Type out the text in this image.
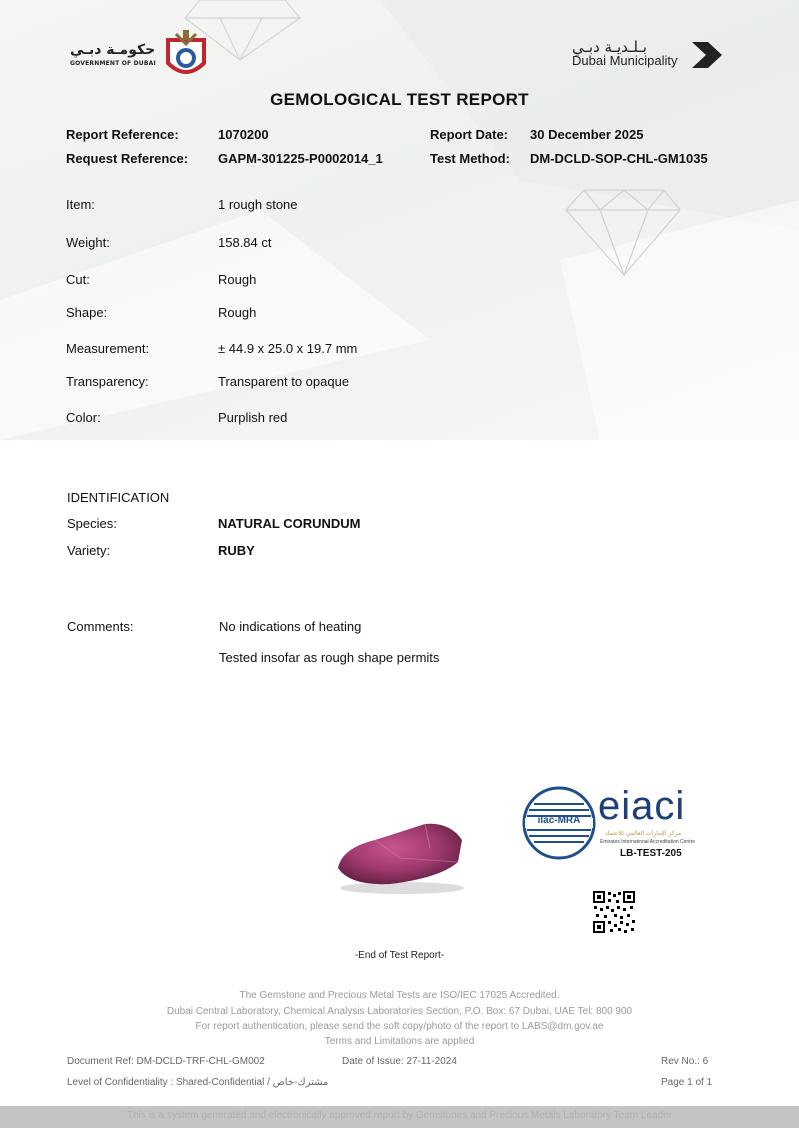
حكومـة دبـي
GOVERNMENT OF DUBAI
بـلـديـة دبـي
Dubai Municipality
GEMOLOGICAL TEST REPORT
Report Reference:	1070200	Report Date: 30 December 2025
Request Reference: GAPM-301225-P0002014_1	Test Method: DM-DCLD-SOP-CHL-GM1035
Item:	1 rough stone
Weight:	158.84 ct
Cut:	Rough
Shape:	Rough
Measurement:	± 44.9 x 25.0 x 19.7 mm
Transparency:	Transparent to opaque
Color:	Purplish red
IDENTIFICATION
Species:	NATURAL CORUNDUM
Variety:	RUBY
Comments:	No indications of heating
Tested insofar as rough shape permits
ilac-MRA eiaci
مركز الإمارات العالمي للاعتماد
Emirates International Accreditation Centre
LB-TEST-205
-End of Test Report-
The Gemstone and Precious Metal Tests are ISO/IEC 17025 Accredited.
Dubai Central Laboratory, Chemical Analysis Laboratories Section, P.O. Box: 67 Dubai, UAE Tel: 800 900
For report authentication, please send the soft copy/photo of the report to LABS@dm.gov.ae
Terms and Limitations are applied
Document Ref: DM-DCLD-TRF-CHL-GM002	Date of Issue: 27-11-2024	Rev No.: 6
Level of Confidentiality : Shared-Confidential / مشترك-خاص	Page 1 of 1
This is a system generated and electronically approved report by Gemstones and Precious Metals Laboratory Team Leader
